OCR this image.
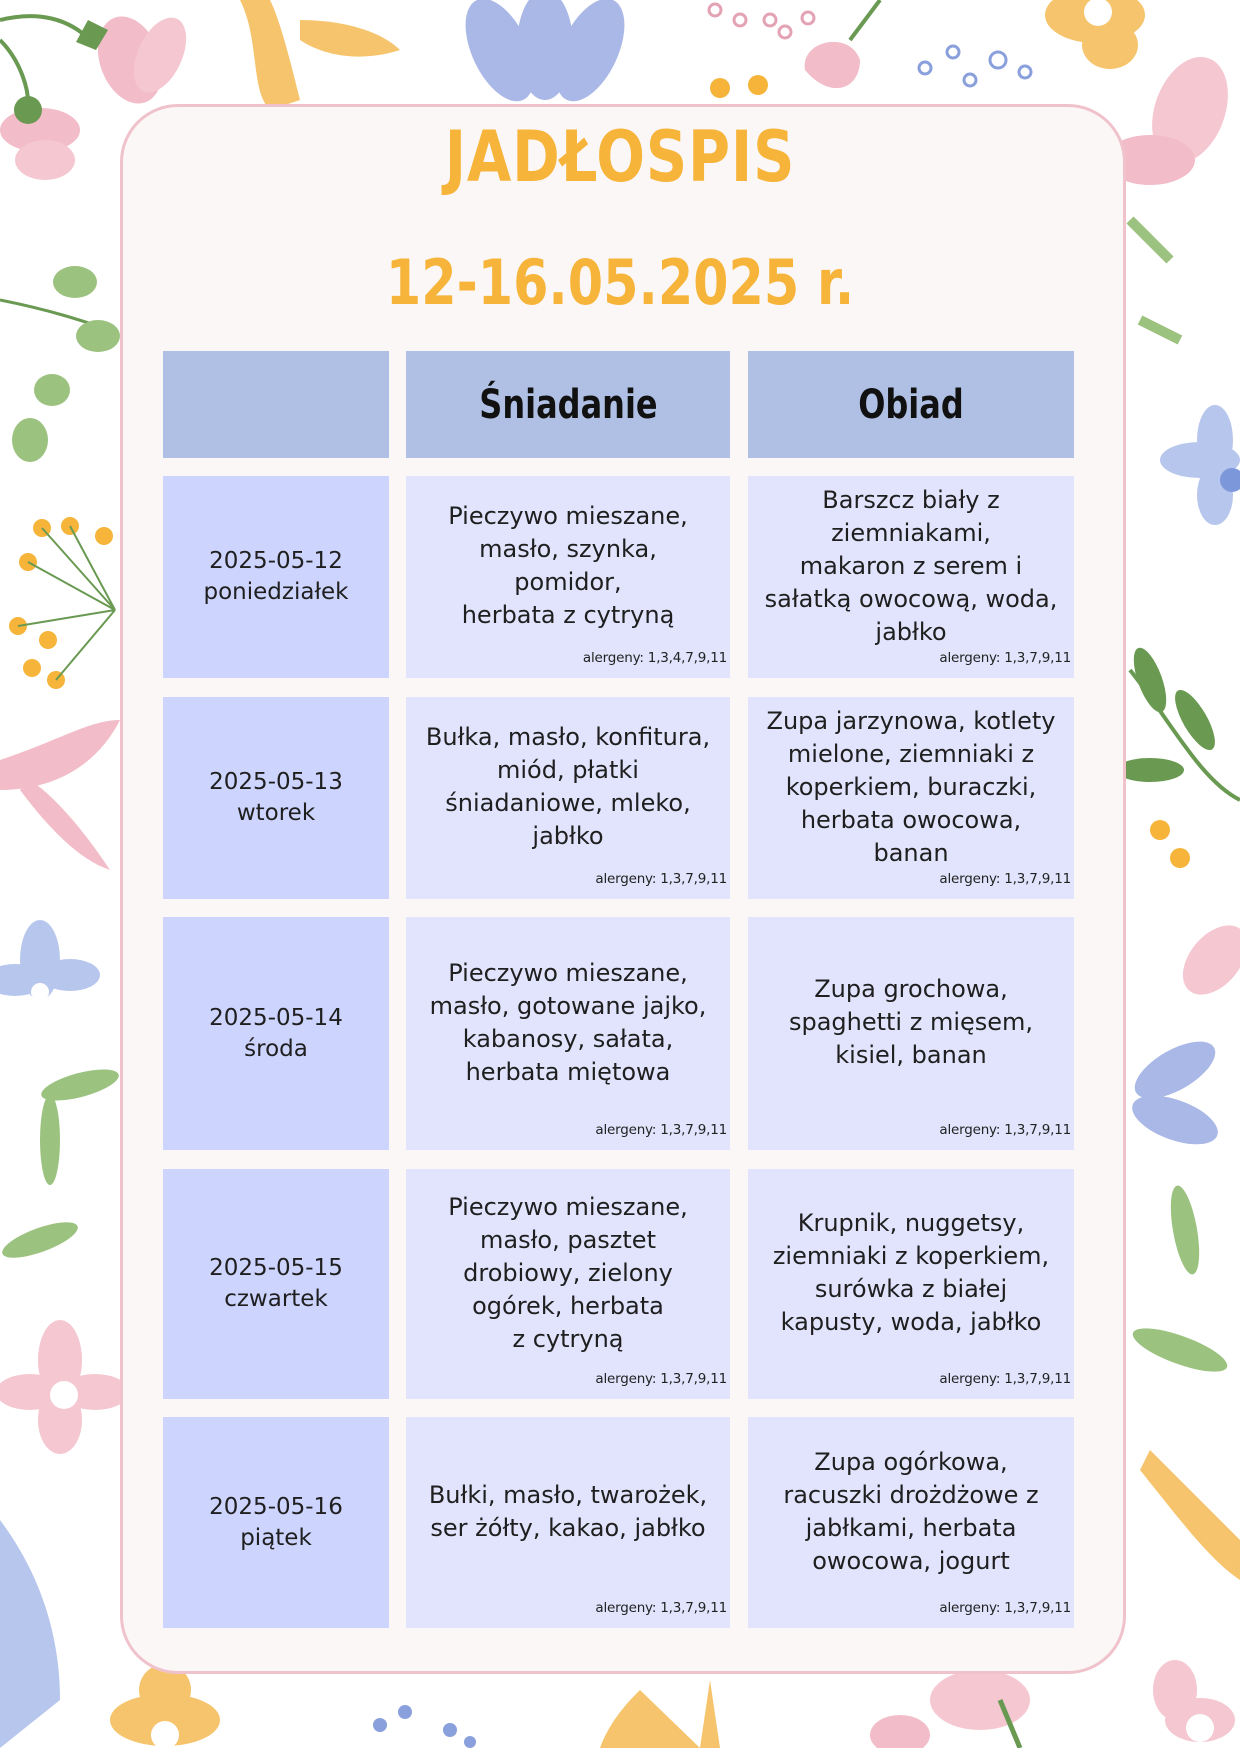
JADŁOSPIS
12-16.05.2025 r.
Śniadanie	Obiad
2025-05-12
poniedziałek
Pieczywo mieszane,
masło, szynka, pomidor,
herbata z cytryną
alergeny: 1,3,4,7,9,11
Barszcz biały z
ziemniakami,
makaron z serem i
sałatką owocową, woda,
jabłko
alergeny: 1,3,7,9,11
2025-05-13
wtorek
Bułka, masło, konfitura,
miód, płatki
śniadaniowe, mleko,
jabłko
alergeny: 1,3,7,9,11
Zupa jarzynowa, kotlety
mielone, ziemniaki z
koperkiem, buraczki,
herbata owocowa,
banan
alergeny: 1,3,7,9,11
2025-05-14
środa
Pieczywo mieszane,
masło, gotowane jajko,
kabanosy, sałata,
herbata miętowa
alergeny: 1,3,7,9,11
Zupa grochowa,
spaghetti z mięsem,
kisiel, banan
alergeny: 1,3,7,9,11
2025-05-15
czwartek
Pieczywo mieszane,
masło, pasztet
drobiowy, zielony
ogórek, herbata
z cytryną
alergeny: 1,3,7,9,11
Krupnik, nuggetsy,
ziemniaki z koperkiem,
surówka z białej
kapusty, woda, jabłko
alergeny: 1,3,7,9,11
2025-05-16
piątek
Bułki, masło, twarożek,
ser żółty, kakao, jabłko
alergeny: 1,3,7,9,11
Zupa ogórkowa,
racuszki drożdżowe z
jabłkami, herbata
owocowa, jogurt
alergeny: 1,3,7,9,11
